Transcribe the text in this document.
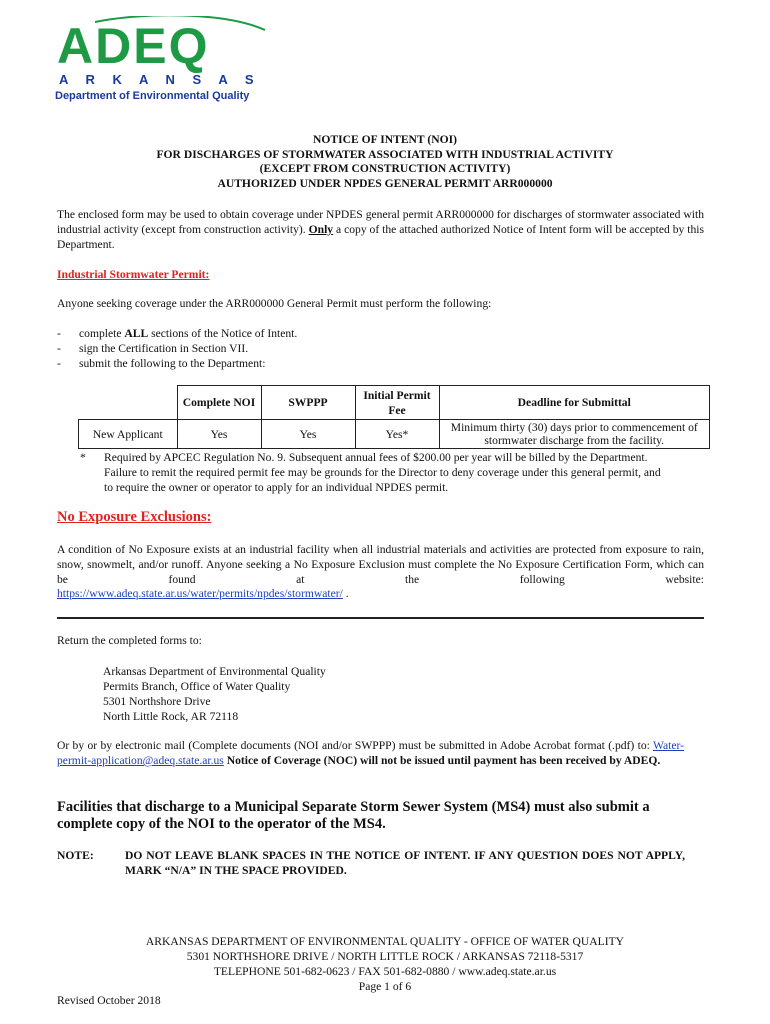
ADEQ
A R K A N S A S
Department of Environmental Quality
NOTICE OF INTENT (NOI)
FOR DISCHARGES OF STORMWATER ASSOCIATED WITH INDUSTRIAL ACTIVITY
(EXCEPT FROM CONSTRUCTION ACTIVITY)
AUTHORIZED UNDER NPDES GENERAL PERMIT ARR000000
The enclosed form may be used to obtain coverage under NPDES general permit ARR000000 for discharges of stormwater associated with industrial activity (except from construction activity). Only a copy of the attached authorized Notice of Intent form will be accepted by this Department.
Industrial Stormwater Permit:
Anyone seeking coverage under the ARR000000 General Permit must perform the following:
- complete ALL sections of the Notice of Intent.
- sign the Certification in Section VII.
- submit the following to the Department:
	Complete NOI	SWPPP	Initial Permit Fee	Deadline for Submittal
New Applicant	Yes	Yes	Yes*	Minimum thirty (30) days prior to commencement of stormwater discharge from the facility.
* Required by APCEC Regulation No. 9. Subsequent annual fees of $200.00 per year will be billed by the Department. Failure to remit the required permit fee may be grounds for the Director to deny coverage under this general permit, and to require the owner or operator to apply for an individual NPDES permit.
No Exposure Exclusions:
A condition of No Exposure exists at an industrial facility when all industrial materials and activities are protected from exposure to rain, snow, snowmelt, and/or runoff. Anyone seeking a No Exposure Exclusion must complete the No Exposure Certification Form, which can be found at the following website:
https://www.adeq.state.ar.us/water/permits/npdes/stormwater/ .
Return the completed forms to:
Arkansas Department of Environmental Quality
Permits Branch, Office of Water Quality
5301 Northshore Drive
North Little Rock, AR 72118
Or by or by electronic mail (Complete documents (NOI and/or SWPPP) must be submitted in Adobe Acrobat format (.pdf) to: Water-permit-application@adeq.state.ar.us Notice of Coverage (NOC) will not be issued until payment has been received by ADEQ.
Facilities that discharge to a Municipal Separate Storm Sewer System (MS4) must also submit a complete copy of the NOI to the operator of the MS4.
NOTE:	DO NOT LEAVE BLANK SPACES IN THE NOTICE OF INTENT. IF ANY QUESTION DOES NOT APPLY, MARK “N/A” IN THE SPACE PROVIDED.
ARKANSAS DEPARTMENT OF ENVIRONMENTAL QUALITY - OFFICE OF WATER QUALITY
5301 NORTHSHORE DRIVE / NORTH LITTLE ROCK / ARKANSAS 72118-5317
TELEPHONE 501-682-0623 / FAX 501-682-0880 / www.adeq.state.ar.us
Page 1 of 6
Revised October 2018
